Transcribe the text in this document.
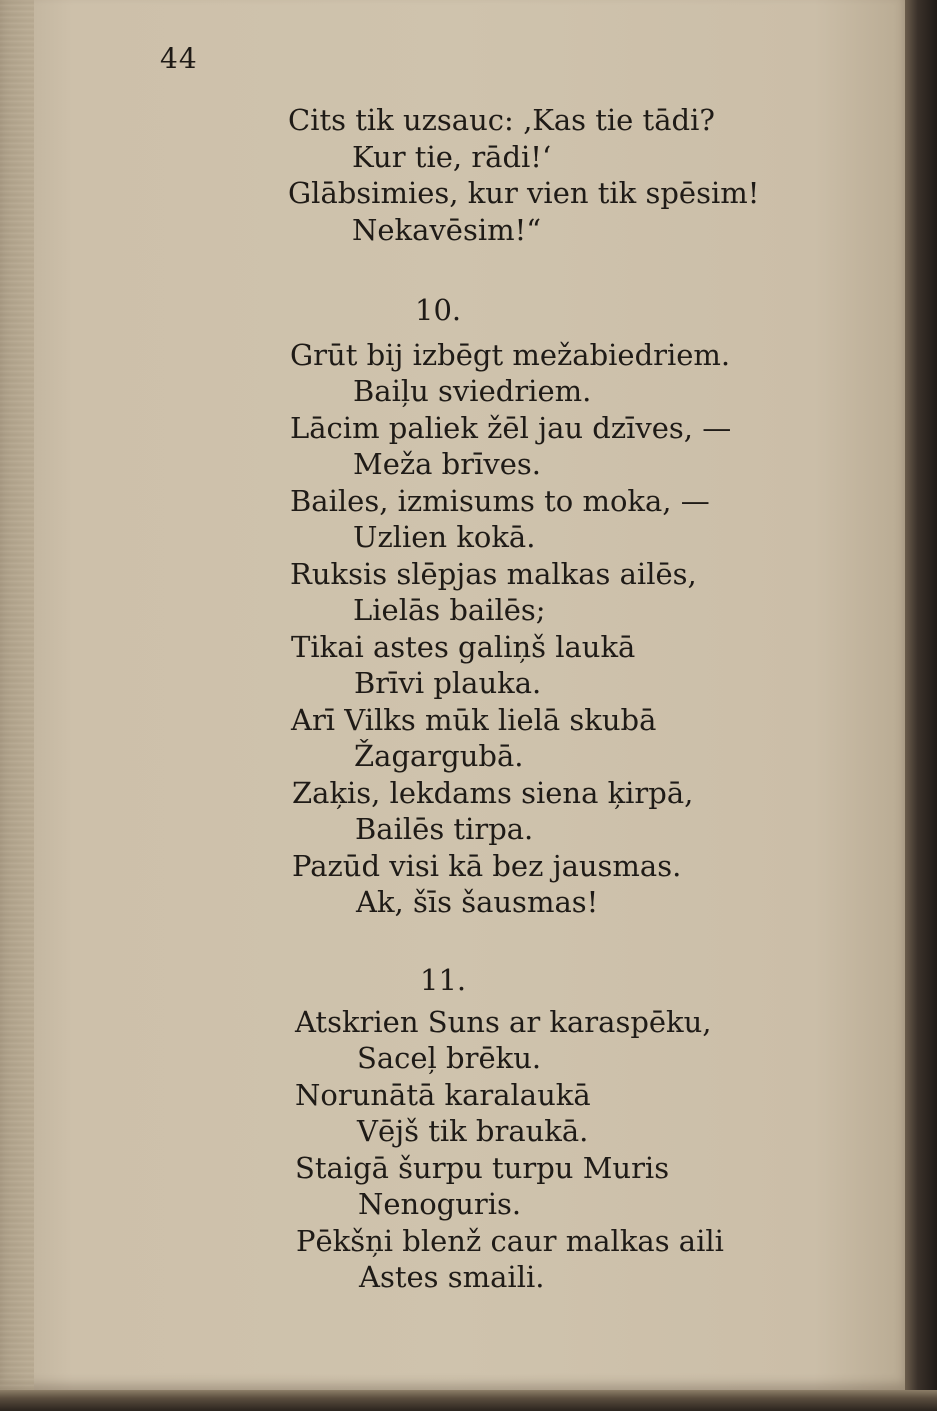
44
Cits tik uzsauc: ‚Kas tie tādi?
Kur tie, rādi!‘
Glābsimies, kur vien tik spēsim!
Nekavēsim!“
10.
Grūt bij izbēgt mežabiedriem.
Baiļu sviedriem.
Lācim paliek žēl jau dzīves, —
Meža brīves.
Bailes, izmisums to moka, —
Uzlien kokā.
Ruksis slēpjas malkas ailēs,
Lielās bailēs;
Tikai astes galiņš laukā
Brīvi plauka.
Arī Vilks mūk lielā skubā
Žagargubā.
Zaķis, lekdams siena ķirpā,
Bailēs tirpa.
Pazūd visi kā bez jausmas.
Ak, šīs šausmas!
11.
Atskrien Suns ar karaspēku,
Saceļ brēku.
Norunātā karalaukā
Vējš tik braukā.
Staigā šurpu turpu Muris
Nenoguris.
Pēkšņi blenž caur malkas aili
Astes smaili.
